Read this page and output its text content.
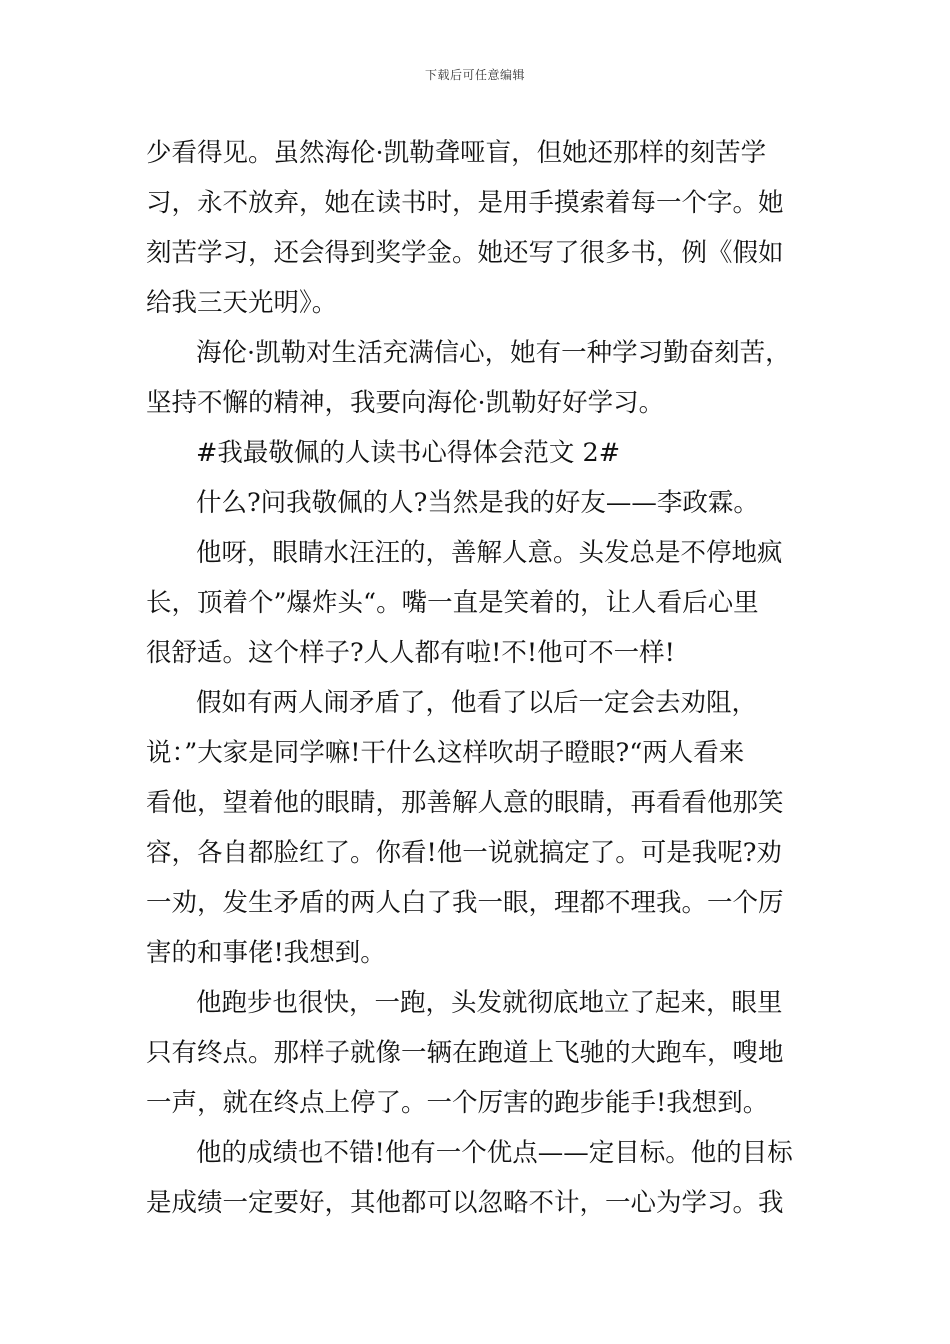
下载后可任意编辑
少看得见。虽然海伦·凯勒聋哑盲，但她还那样的刻苦学
习，永不放弃，她在读书时，是用手摸索着每一个字。她
刻苦学习，还会得到奖学金。她还写了很多书，例《假如
给我三天光明》。
海伦·凯勒对生活充满信心，她有一种学习勤奋刻苦，
坚持不懈的精神，我要向海伦·凯勒好好学习。
#我最敬佩的人读书心得体会范文 2#
什么?问我敬佩的人?当然是我的好友——李政霖。
他呀，眼睛水汪汪的，善解人意。头发总是不停地疯
长，顶着个”爆炸头“。嘴一直是笑着的，让人看后心里
很舒适。这个样子?人人都有啦!不!他可不一样!
假如有两人闹矛盾了，他看了以后一定会去劝阻，
说：”大家是同学嘛!干什么这样吹胡子瞪眼?“两人看来
看他，望着他的眼睛，那善解人意的眼睛，再看看他那笑
容，各自都脸红了。你看!他一说就搞定了。可是我呢?劝
一劝，发生矛盾的两人白了我一眼，理都不理我。一个厉
害的和事佬!我想到。
他跑步也很快，一跑，头发就彻底地立了起来，眼里
只有终点。那样子就像一辆在跑道上飞驰的大跑车，嗖地
一声，就在终点上停了。一个厉害的跑步能手!我想到。
他的成绩也不错!他有一个优点——定目标。他的目标
是成绩一定要好，其他都可以忽略不计，一心为学习。我
